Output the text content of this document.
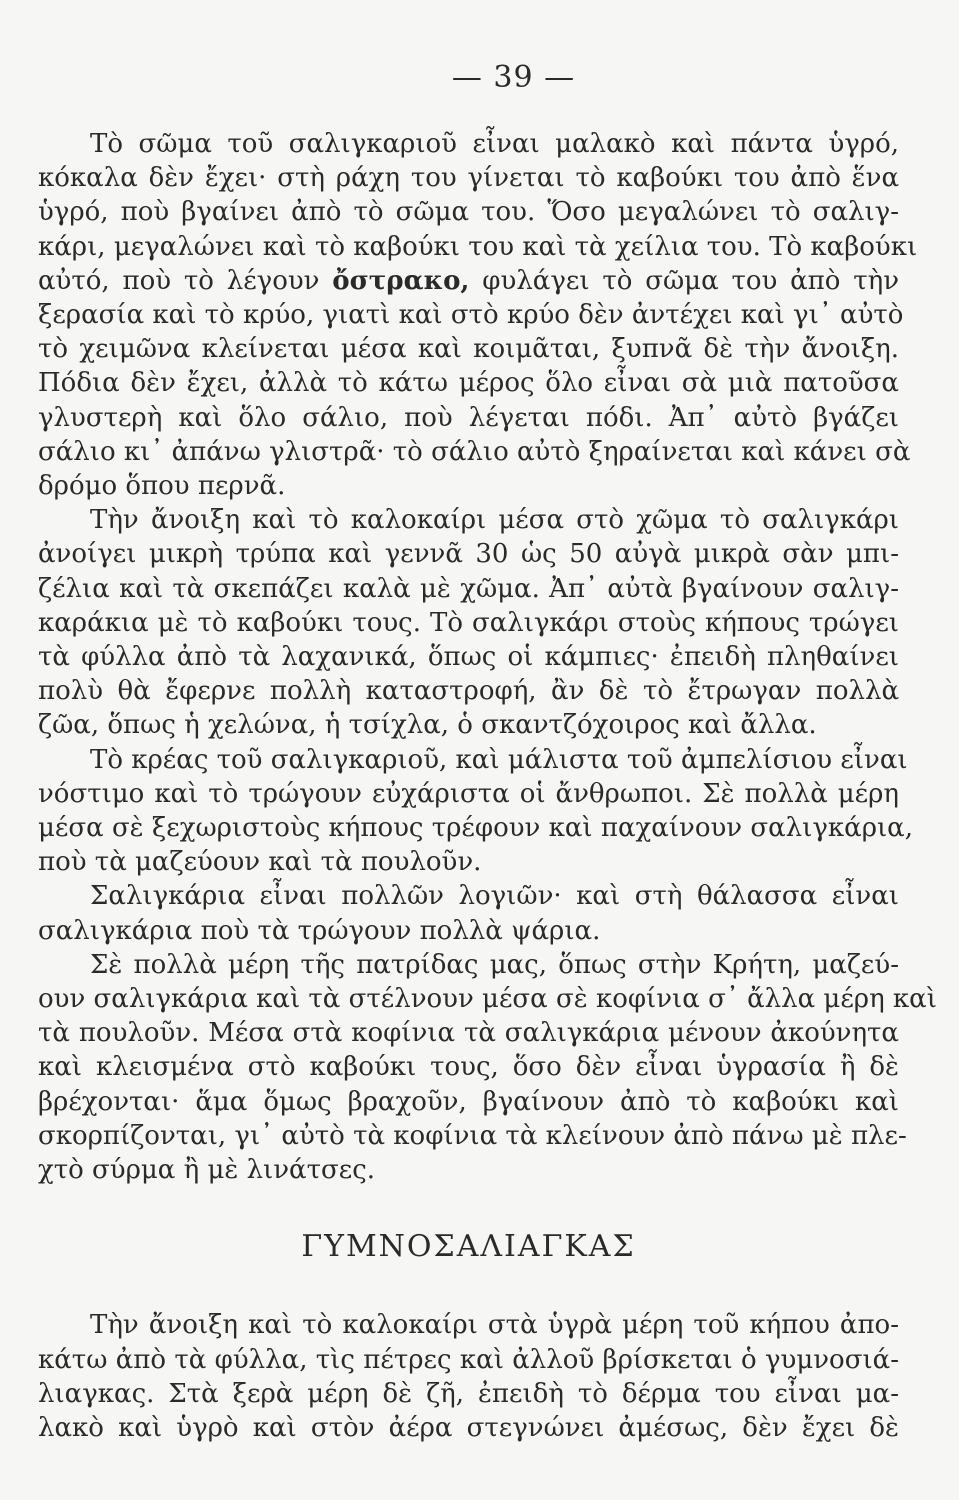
— 39 —

Τὸ σῶμα τοῦ σαλιγκαριοῦ εἶναι μαλακὸ καὶ πάντα ὑγρό,
κόκαλα δὲν ἔχει· στὴ ράχη του γίνεται τὸ καβούκι του ἀπὸ ἕνα
ὑγρό, ποὺ βγαίνει ἀπὸ τὸ σῶμα του. Ὅσο μεγαλώνει τὸ σαλιγ-
κάρι, μεγαλώνει καὶ τὸ καβούκι του καὶ τὰ χείλια του. Τὸ καβούκι
αὐτό, ποὺ τὸ λέγουν ὄστρακο, φυλάγει τὸ σῶμα του ἀπὸ τὴν
ξερασία καὶ τὸ κρύο, γιατὶ καὶ στὸ κρύο δὲν ἀντέχει καὶ γι᾽ αὐτὸ
τὸ χειμῶνα κλείνεται μέσα καὶ κοιμᾶται, ξυπνᾶ δὲ τὴν ἄνοιξη.
Πόδια δὲν ἔχει, ἀλλὰ τὸ κάτω μέρος ὅλο εἶναι σὰ μιὰ πατοῦσα
γλυστερὴ καὶ ὅλο σάλιο, ποὺ λέγεται πόδι. Ἀπ᾽ αὐτὸ βγάζει
σάλιο κι᾽ ἀπάνω γλιστρᾶ· τὸ σάλιο αὐτὸ ξηραίνεται καὶ κάνει σὰ
δρόμο ὅπου περνᾶ.

Τὴν ἄνοιξη καὶ τὸ καλοκαίρι μέσα στὸ χῶμα τὸ σαλιγκάρι
ἀνοίγει μικρὴ τρύπα καὶ γεννᾶ 30 ὡς 50 αὐγὰ μικρὰ σὰν μπι-
ζέλια καὶ τὰ σκεπάζει καλὰ μὲ χῶμα. Ἀπ᾽ αὐτὰ βγαίνουν σαλιγ-
καράκια μὲ τὸ καβούκι τους. Τὸ σαλιγκάρι στοὺς κήπους τρώγει
τὰ φύλλα ἀπὸ τὰ λαχανικά, ὅπως οἱ κάμπιες· ἐπειδὴ πληθαίνει
πολὺ θὰ ἔφερνε πολλὴ καταστροφή, ἂν δὲ τὸ ἔτρωγαν πολλὰ
ζῶα, ὅπως ἡ χελώνα, ἡ τσίχλα, ὁ σκαντζόχοιρος καὶ ἄλλα.

Τὸ κρέας τοῦ σαλιγκαριοῦ, καὶ μάλιστα τοῦ ἀμπελίσιου εἶναι
νόστιμο καὶ τὸ τρώγουν εὐχάριστα οἱ ἄνθρωποι. Σὲ πολλὰ μέρη
μέσα σὲ ξεχωριστοὺς κήπους τρέφουν καὶ παχαίνουν σαλιγκάρια,
ποὺ τὰ μαζεύουν καὶ τὰ πουλοῦν.

Σαλιγκάρια εἶναι πολλῶν λογιῶν· καὶ στὴ θάλασσα εἶναι
σαλιγκάρια ποὺ τὰ τρώγουν πολλὰ ψάρια.

Σὲ πολλὰ μέρη τῆς πατρίδας μας, ὅπως στὴν Κρήτη, μαζεύ-
ουν σαλιγκάρια καὶ τὰ στέλνουν μέσα σὲ κοφίνια σ᾽ ἄλλα μέρη καὶ
τὰ πουλοῦν. Μέσα στὰ κοφίνια τὰ σαλιγκάρια μένουν ἀκούνητα
καὶ κλεισμένα στὸ καβούκι τους, ὅσο δὲν εἶναι ὑγρασία ἢ δὲ
βρέχονται· ἅμα ὅμως βραχοῦν, βγαίνουν ἀπὸ τὸ καβούκι καὶ
σκορπίζονται, γι᾽ αὐτὸ τὰ κοφίνια τὰ κλείνουν ἀπὸ πάνω μὲ πλε-
χτὸ σύρμα ἢ μὲ λινάτσες.

ΓΥΜΝΟΣΑΛΙΑΓΚΑΣ

Τὴν ἄνοιξη καὶ τὸ καλοκαίρι στὰ ὑγρὰ μέρη τοῦ κήπου ἀπο-
κάτω ἀπὸ τὰ φύλλα, τὶς πέτρες καὶ ἀλλοῦ βρίσκεται ὁ γυμνοσιά-
λιαγκας. Στὰ ξερὰ μέρη δὲ ζῆ, ἐπειδὴ τὸ δέρμα του εἶναι μα-
λακὸ καὶ ὑγρὸ καὶ στὸν ἀέρα στεγνώνει ἀμέσως, δὲν ἔχει δὲ
